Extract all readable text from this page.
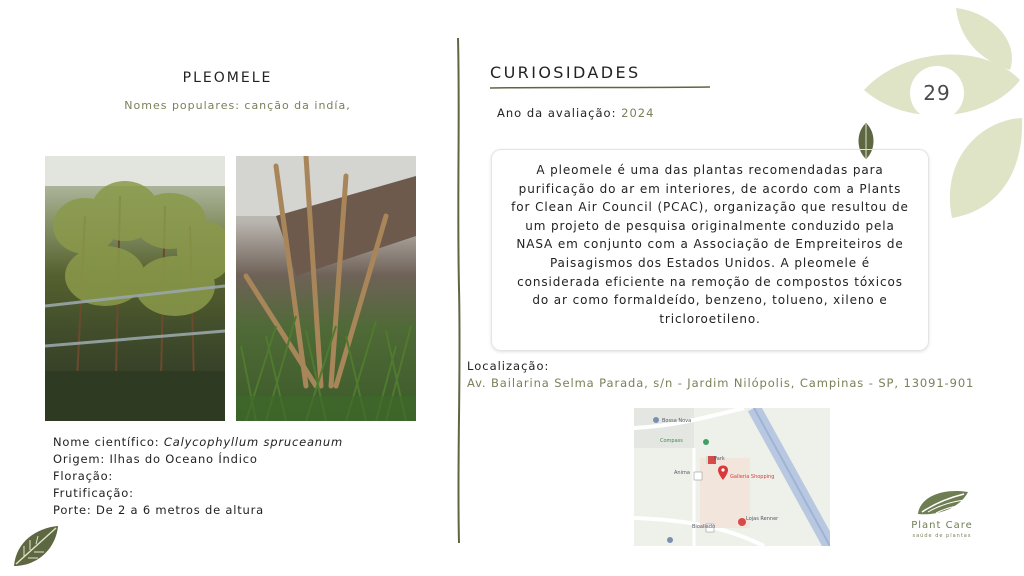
PLEOMELE
Nomes populares: canção da indía,
Nome científico: Calycophyllum spruceanum
Origem: Ilhas do Oceano Índico
Floração:
Frutificação:
Porte: De 2 a 6 metros de altura
CURIOSIDADES
Ano da avaliação: 2024
A pleomele é uma das plantas recomendadas para purificação do ar em interiores, de acordo com a Plants for Clean Air Council (PCAC), organização que resultou de um projeto de pesquisa originalmente conduzido pela NASA em conjunto com a Associação de Empreiteiros de Paisagismos dos Estados Unidos. A pleomele é considerada eficiente na remoção de compostos tóxicos do ar como formaldeído, benzeno, tolueno, xileno e tricloroetileno.
Localização:
Av. Bailarina Selma Parada, s/n - Jardim Nilópolis, Campinas - SP, 13091-901
Bossa Nova
Compass
Park
Galleria Shopping
Anima
Lojas Renner
Bioaliado
29
Plant Care
saúde de plantas
